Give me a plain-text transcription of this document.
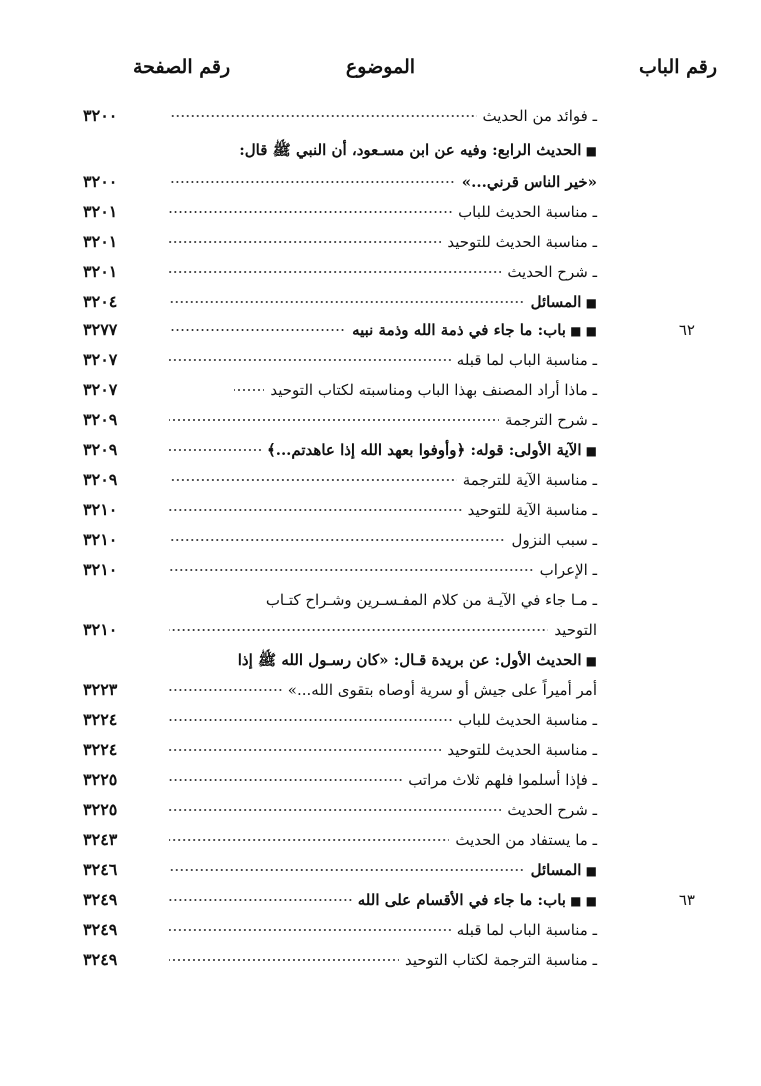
رقم الباب
الموضوع
رقم الصفحة
ـ فوائد من الحديث
٣٢٠٠
■ الحديث الرابع: وفيه عن ابن مسـعود، أن النبي ﷺ قال:
«خير الناس قرني...»
٣٢٠٠
ـ مناسبة الحديث للباب
٣٢٠١
ـ مناسبة الحديث للتوحيد
٣٢٠١
ـ شرح الحديث
٣٢٠١
■ المسائل
٣٢٠٤
٦٢
■ ■ باب: ما جاء في ذمة الله وذمة نبيه
٣٢٧٧
ـ مناسبة الباب لما قبله
٣٢٠٧
ـ ماذا أراد المصنف بهذا الباب ومناسبته لكتاب التوحيد
٣٢٠٧
ـ شرح الترجمة
٣٢٠٩
■ الآية الأولى: قوله: ﴿وأوفوا بعهد الله إذا عاهدتم...﴾
٣٢٠٩
ـ مناسبة الآية للترجمة
٣٢٠٩
ـ مناسبة الآية للتوحيد
٣٢١٠
ـ سبب النزول
٣٢١٠
ـ الإعراب
٣٢١٠
ـ مـا جاء في الآيـة من كلام المفـسـرين وشـراح كتـاب
التوحيد
٣٢١٠
■ الحديث الأول: عن بريدة قـال: «كان رسـول الله ﷺ إذا
أمر أميراً على جيش أو سرية أوصاه بتقوى الله...»
٣٢٢٣
ـ مناسبة الحديث للباب
٣٢٢٤
ـ مناسبة الحديث للتوحيد
٣٢٢٤
ـ فإذا أسلموا فلهم ثلاث مراتب
٣٢٢٥
ـ شرح الحديث
٣٢٢٥
ـ ما يستفاد من الحديث
٣٢٤٣
■ المسائل
٣٢٤٦
٦٣
■ ■ باب: ما جاء في الأقسام على الله
٣٢٤٩
ـ مناسبة الباب لما قبله
٣٢٤٩
ـ مناسبة الترجمة لكتاب التوحيد
٣٢٤٩
